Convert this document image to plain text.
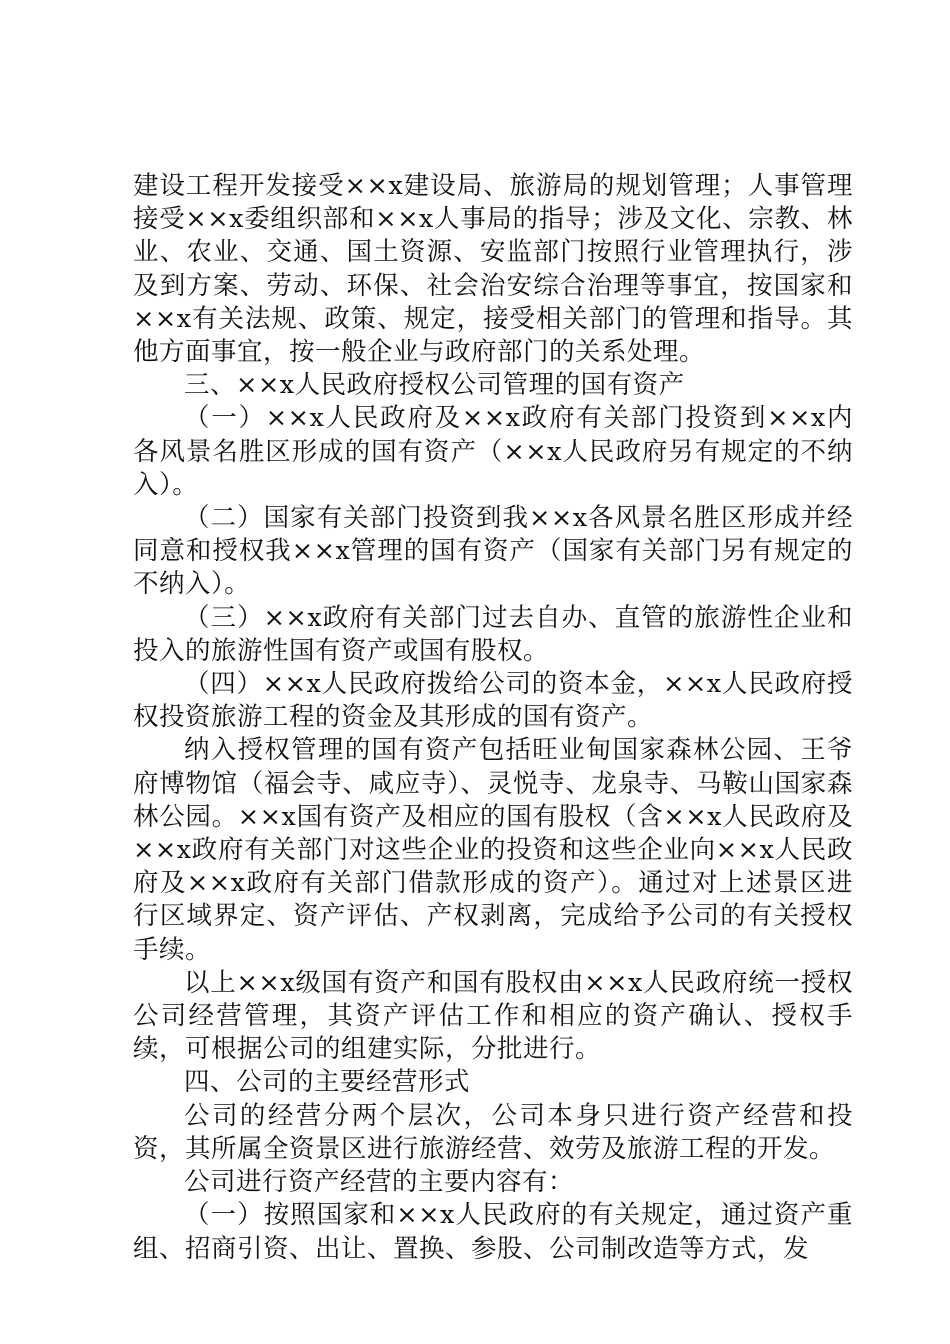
建设工程开发接受××x建设局、旅游局的规划管理；人事管理接受××x委组织部和××x人事局的指导；涉及文化、宗教、林业、农业、交通、国土资源、安监部门按照行业管理执行，涉及到方案、劳动、环保、社会治安综合治理等事宜，按国家和××x有关法规、政策、规定，接受相关部门的管理和指导。其他方面事宜，按一般企业与政府部门的关系处理。

三、××x人民政府授权公司管理的国有资产

（一）××x人民政府及××x政府有关部门投资到××x内各风景名胜区形成的国有资产（××x人民政府另有规定的不纳入）。

（二）国家有关部门投资到我××x各风景名胜区形成并经同意和授权我××x管理的国有资产（国家有关部门另有规定的不纳入）。

（三）××x政府有关部门过去自办、直管的旅游性企业和投入的旅游性国有资产或国有股权。

（四）××x人民政府拨给公司的资本金，××x人民政府授权投资旅游工程的资金及其形成的国有资产。

纳入授权管理的国有资产包括旺业甸国家森林公园、王爷府博物馆（福会寺、咸应寺）、灵悦寺、龙泉寺、马鞍山国家森林公园。××x国有资产及相应的国有股权（含××x人民政府及××x政府有关部门对这些企业的投资和这些企业向××x人民政府及××x政府有关部门借款形成的资产）。通过对上述景区进行区域界定、资产评估、产权剥离，完成给予公司的有关授权手续。

以上××x级国有资产和国有股权由××x人民政府统一授权公司经营管理，其资产评估工作和相应的资产确认、授权手续，可根据公司的组建实际，分批进行。

四、公司的主要经营形式

公司的经营分两个层次，公司本身只进行资产经营和投资，其所属全资景区进行旅游经营、效劳及旅游工程的开发。

公司进行资产经营的主要内容有：

（一）按照国家和××x人民政府的有关规定，通过资产重组、招商引资、出让、置换、参股、公司制改造等方式，发
